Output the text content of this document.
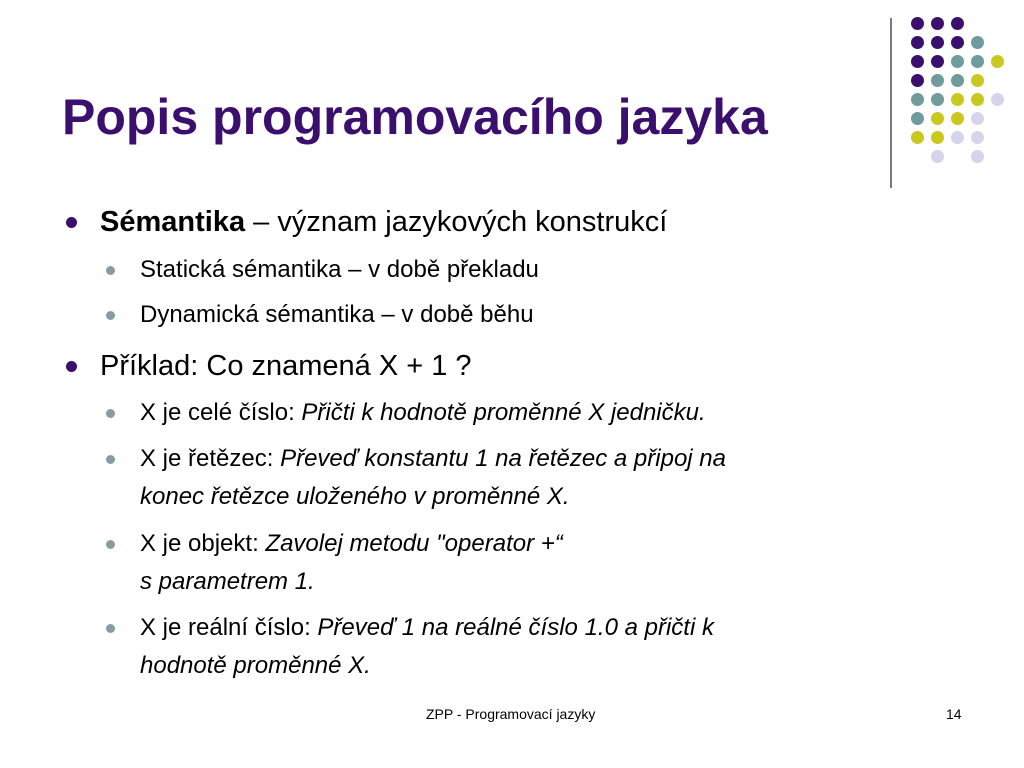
Popis programovacího jazyka
Sémantika – význam jazykových konstrukcí
Statická sémantika – v době překladu
Dynamická sémantika – v době běhu
Příklad: Co znamená X + 1 ?
X je celé číslo: Přičti k hodnotě proměnné X jedničku.
X je řetězec: Převeď konstantu 1 na řetězec a připoj na
konec řetězce uloženého v proměnné X.
X je objekt: Zavolej metodu "operator +“
s parametrem 1.
X je reální číslo: Převeď 1 na reálné číslo 1.0 a přičti k
hodnotě proměnné X.
ZPP - Programovací jazyky	14
